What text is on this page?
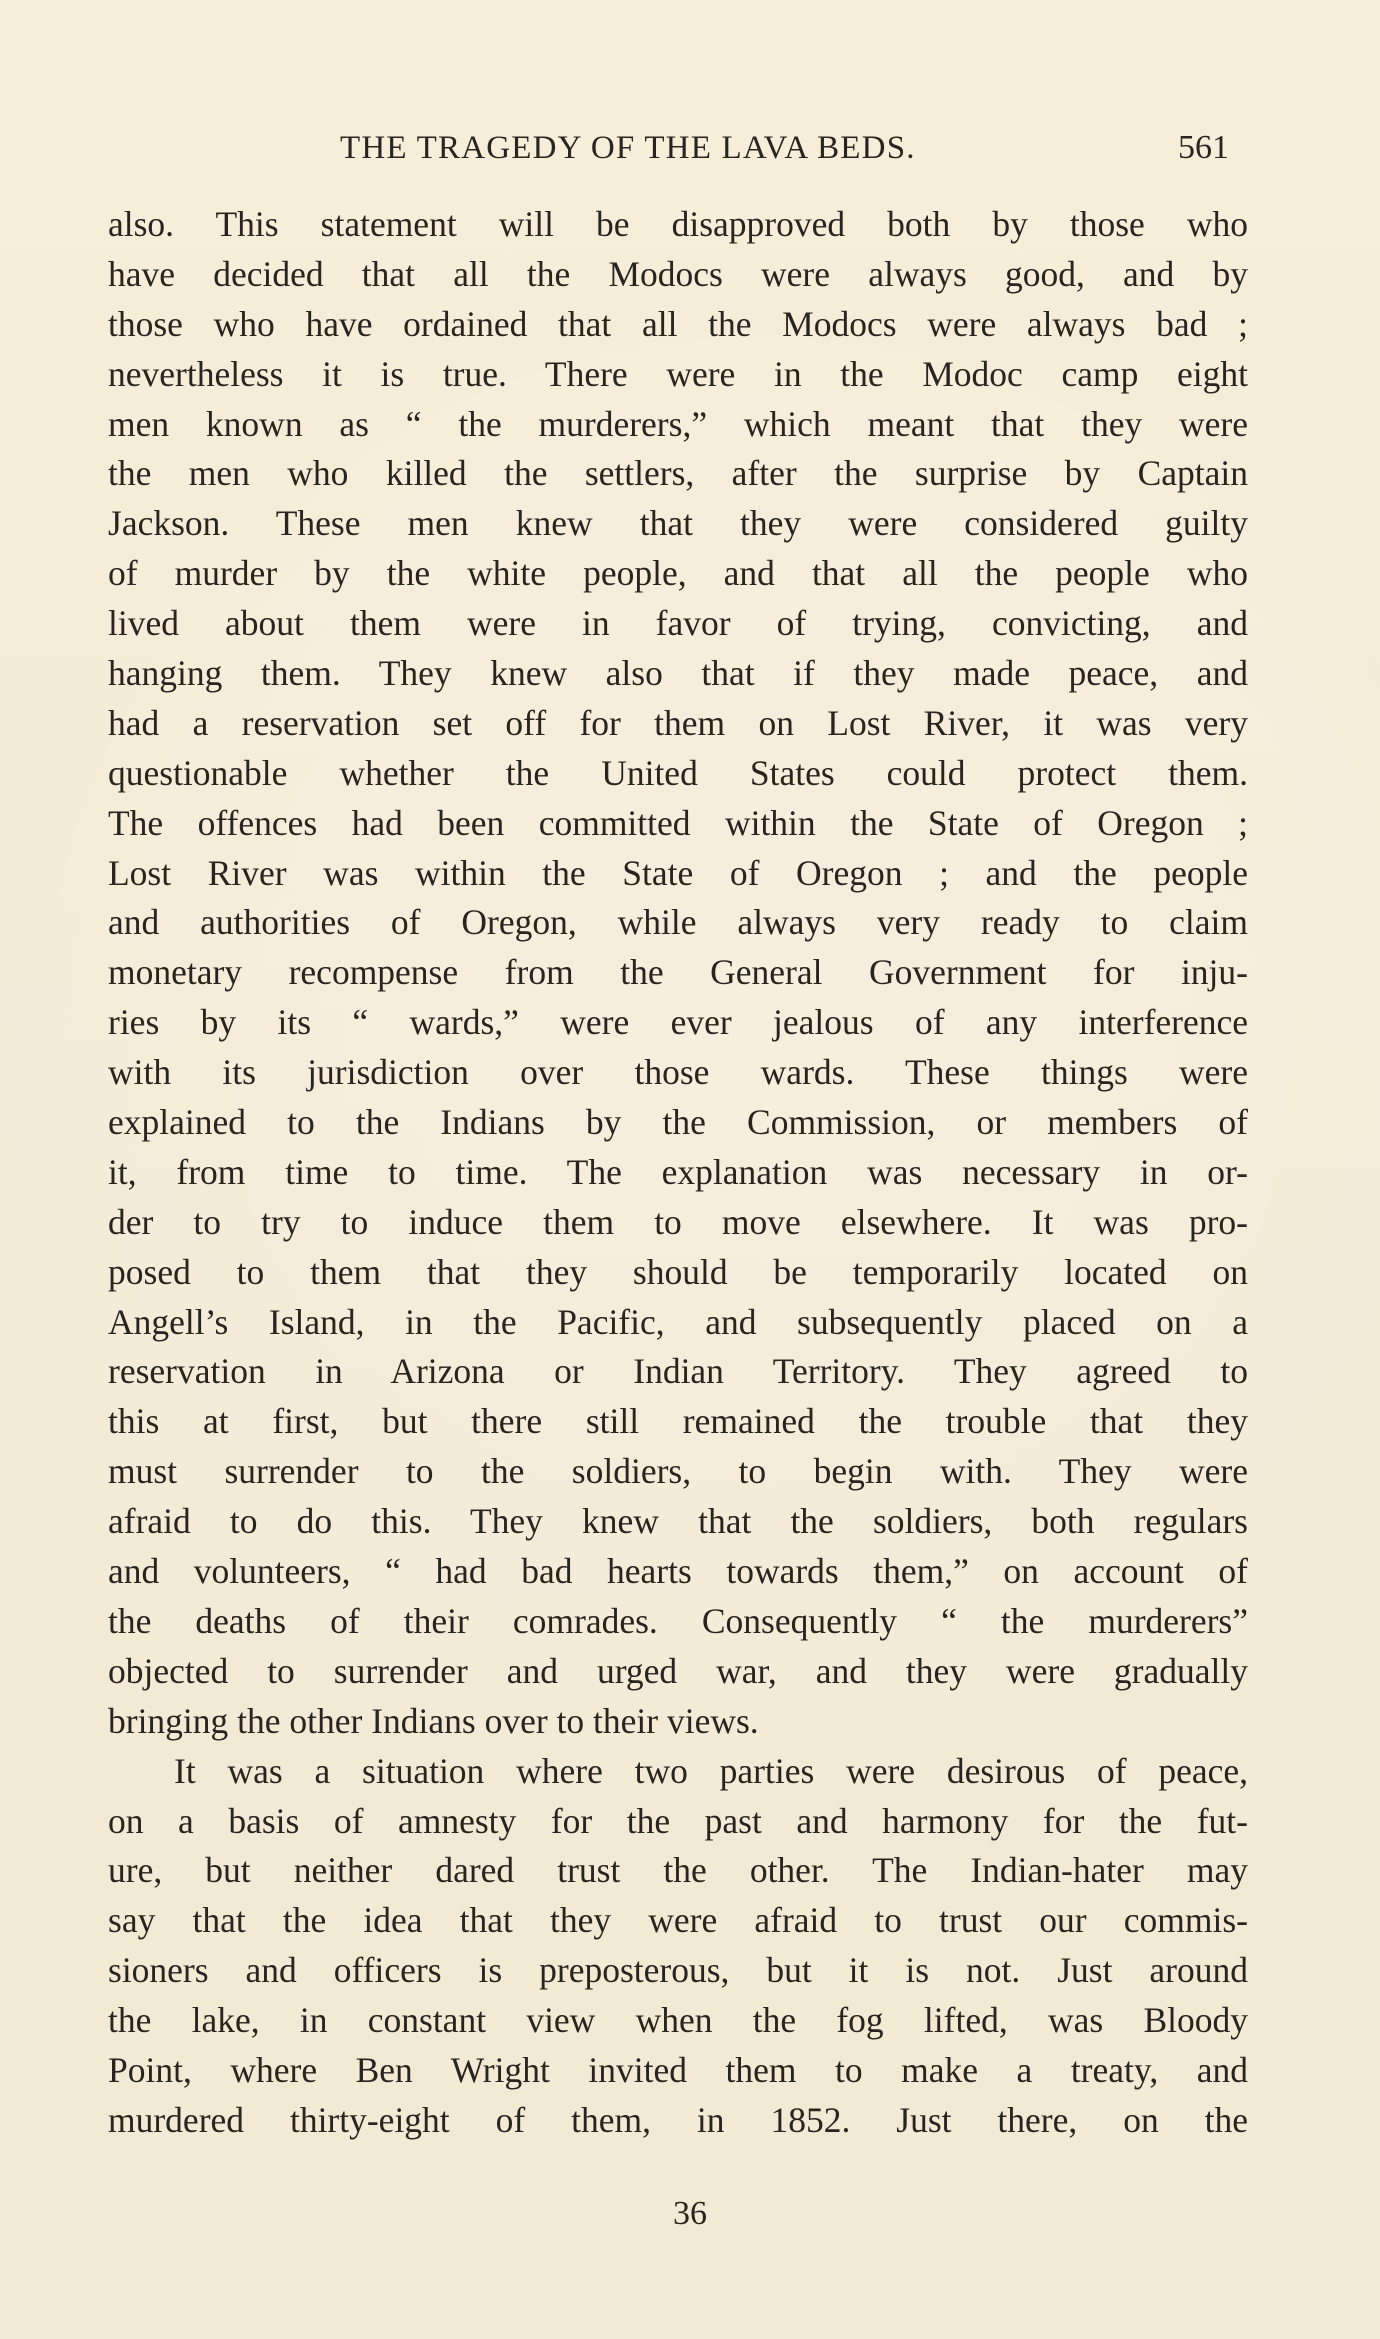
THE TRAGEDY OF THE LAVA BEDS.	561
also. This statement will be disapproved both by those who
have decided that all the Modocs were always good, and by
those who have ordained that all the Modocs were always bad ;
nevertheless it is true. There were in the Modoc camp eight
men known as “ the murderers,” which meant that they were
the men who killed the settlers, after the surprise by Captain
Jackson. These men knew that they were considered guilty
of murder by the white people, and that all the people who
lived about them were in favor of trying, convicting, and
hanging them. They knew also that if they made peace, and
had a reservation set off for them on Lost River, it was very
questionable whether the United States could protect them.
The offences had been committed within the State of Oregon ;
Lost River was within the State of Oregon ; and the people
and authorities of Oregon, while always very ready to claim
monetary recompense from the General Government for inju-
ries by its “ wards,” were ever jealous of any interference
with its jurisdiction over those wards. These things were
explained to the Indians by the Commission, or members of
it, from time to time. The explanation was necessary in or-
der to try to induce them to move elsewhere. It was pro-
posed to them that they should be temporarily located on
Angell’s Island, in the Pacific, and subsequently placed on a
reservation in Arizona or Indian Territory. They agreed to
this at first, but there still remained the trouble that they
must surrender to the soldiers, to begin with. They were
afraid to do this. They knew that the soldiers, both regulars
and volunteers, “ had bad hearts towards them,” on account of
the deaths of their comrades. Consequently “ the murderers”
objected to surrender and urged war, and they were gradually
bringing the other Indians over to their views.
It was a situation where two parties were desirous of peace,
on a basis of amnesty for the past and harmony for the fut-
ure, but neither dared trust the other. The Indian-hater may
say that the idea that they were afraid to trust our commis-
sioners and officers is preposterous, but it is not. Just around
the lake, in constant view when the fog lifted, was Bloody
Point, where Ben Wright invited them to make a treaty, and
murdered thirty-eight of them, in 1852. Just there, on the
36
